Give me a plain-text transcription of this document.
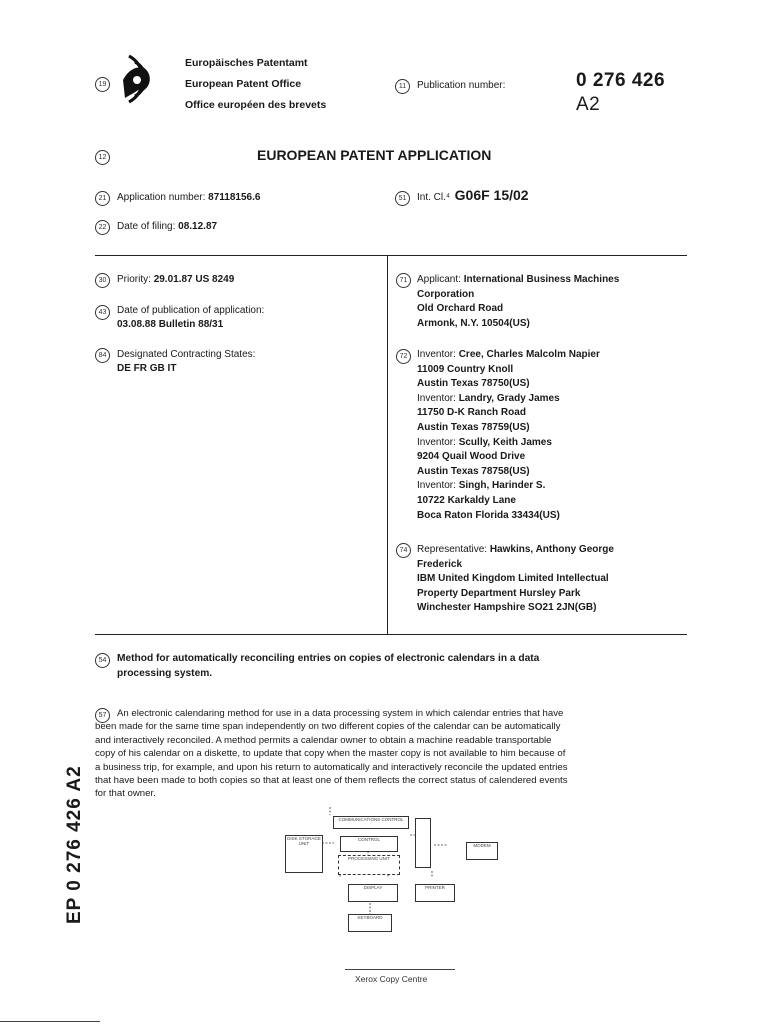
19
Europäisches Patentamt
European Patent Office
Office européen des brevets
11	Publication number:	0 276 426
A2
12	EUROPEAN PATENT APPLICATION
21	Application number: 87118156.6	51	Int. Cl.⁴ G06F 15/02
22	Date of filing: 08.12.87
30	Priority: 29.01.87 US 8249
43	Date of publication of application:
03.08.88 Bulletin 88/31
84	Designated Contracting States:
DE FR GB IT
71 Applicant: International Business Machines
Corporation
Old Orchard Road
Armonk, N.Y. 10504(US)
72 Inventor: Cree, Charles Malcolm Napier
11009 Country Knoll
Austin Texas 78750(US)
Inventor: Landry, Grady James
11750 D-K Ranch Road
Austin Texas 78759(US)
Inventor: Scully, Keith James
9204 Quail Wood Drive
Austin Texas 78758(US)
Inventor: Singh, Harinder S.
10722 Karkaldy Lane
Boca Raton Florida 33434(US)
74 Representative: Hawkins, Anthony George
Frederick
IBM United Kingdom Limited Intellectual
Property Department Hursley Park
Winchester Hampshire SO21 2JN(GB)
54	Method for automatically reconciling entries on copies of electronic calendars in a data
processing system.
57	An electronic calendaring method for use in a data processing system in which calendar entries that have
been made for the same time span independently on two different copies of the calendar can be automatically
and interactively reconciled. A method permits a calendar owner to obtain a machine readable transportable
copy of his calendar on a diskette, to update that copy when the master copy is not available to him because of
a business trip, for example, and upon his return to automatically and interactively reconcile the updated entries
that have been made to both copies so that at least one of them reflects the correct status of calendered events
for that owner.
EP 0 276 426 A2	DISK STORAGE UNIT
COMMUNICATIONS CONTROL
CONTROL
PROCESSING UNIT
MODEM
DISPLAY	PRINTER
KEYBOARD
Xerox Copy Centre
